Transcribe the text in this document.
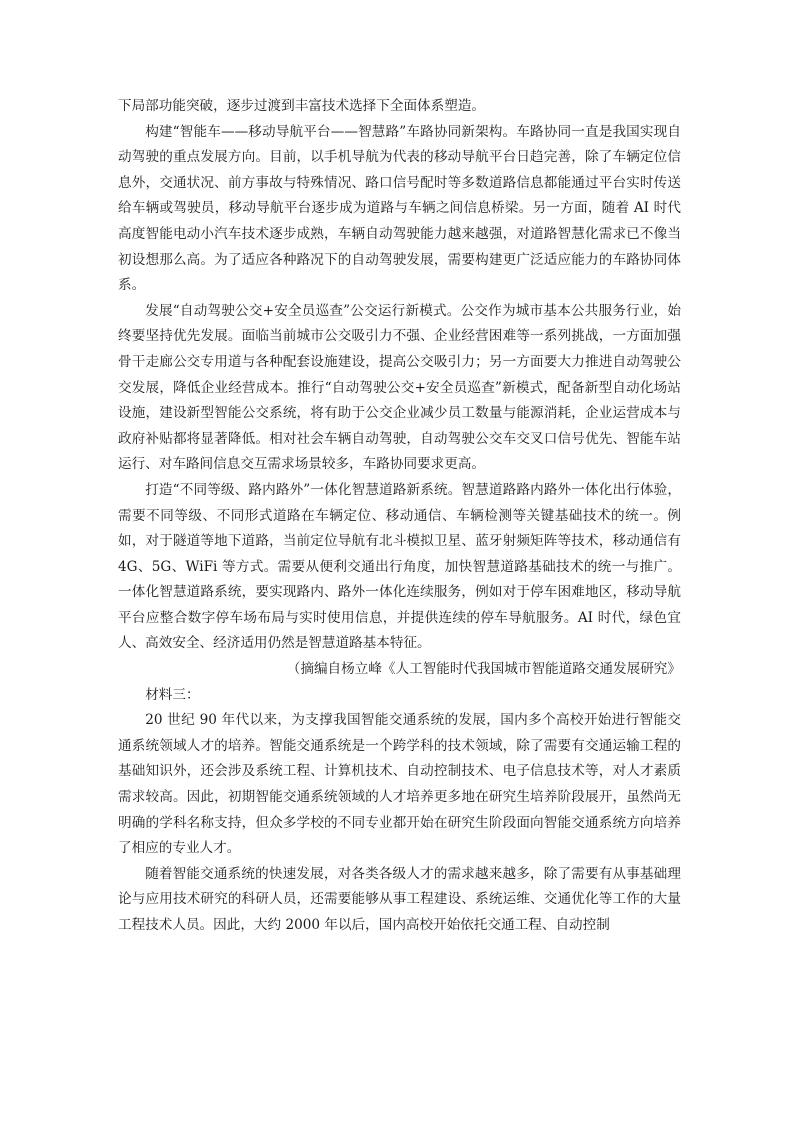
下局部功能突破，逐步过渡到丰富技术选择下全面体系塑造。

构建“智能车——移动导航平台——智慧路”车路协同新架构。车路协同一直是我国实现自动驾驶的重点发展方向。目前，以手机导航为代表的移动导航平台日趋完善，除了车辆定位信息外，交通状况、前方事故与特殊情况、路口信号配时等多数道路信息都能通过平台实时传送给车辆或驾驶员，移动导航平台逐步成为道路与车辆之间信息桥梁。另一方面，随着 AI 时代高度智能电动小汽车技术逐步成熟，车辆自动驾驶能力越来越强，对道路智慧化需求已不像当初设想那么高。为了适应各种路况下的自动驾驶发展，需要构建更广泛适应能力的车路协同体系。

发展“自动驾驶公交+安全员巡查”公交运行新模式。公交作为城市基本公共服务行业，始终要坚持优先发展。面临当前城市公交吸引力不强、企业经营困难等一系列挑战，一方面加强骨干走廊公交专用道与各种配套设施建设，提高公交吸引力；另一方面要大力推进自动驾驶公交发展，降低企业经营成本。推行“自动驾驶公交+安全员巡查”新模式，配备新型自动化场站设施，建设新型智能公交系统，将有助于公交企业减少员工数量与能源消耗，企业运营成本与政府补贴都将显著降低。相对社会车辆自动驾驶，自动驾驶公交车交叉口信号优先、智能车站运行、对车路间信息交互需求场景较多，车路协同要求更高。

打造“不同等级、路内路外”一体化智慧道路新系统。智慧道路路内路外一体化出行体验，需要不同等级、不同形式道路在车辆定位、移动通信、车辆检测等关键基础技术的统一。例如，对于隧道等地下道路，当前定位导航有北斗模拟卫星、蓝牙射频矩阵等技术，移动通信有 4G、5G、WiFi 等方式。需要从便利交通出行角度，加快智慧道路基础技术的统一与推广。一体化智慧道路系统，要实现路内、路外一体化连续服务，例如对于停车困难地区，移动导航平台应整合数字停车场布局与实时使用信息，并提供连续的停车导航服务。AI 时代，绿色宜人、高效安全、经济适用仍然是智慧道路基本特征。

（摘编自杨立峰《人工智能时代我国城市智能道路交通发展研究》

材料三：

20 世纪 90 年代以来，为支撑我国智能交通系统的发展，国内多个高校开始进行智能交通系统领域人才的培养。智能交通系统是一个跨学科的技术领域，除了需要有交通运输工程的基础知识外，还会涉及系统工程、计算机技术、自动控制技术、电子信息技术等，对人才素质需求较高。因此，初期智能交通系统领域的人才培养更多地在研究生培养阶段展开，虽然尚无明确的学科名称支持，但众多学校的不同专业都开始在研究生阶段面向智能交通系统方向培养了相应的专业人才。

随着智能交通系统的快速发展，对各类各级人才的需求越来越多，除了需要有从事基础理论与应用技术研究的科研人员，还需要能够从事工程建设、系统运维、交通优化等工作的大量工程技术人员。因此，大约 2000 年以后，国内高校开始依托交通工程、自动控制
